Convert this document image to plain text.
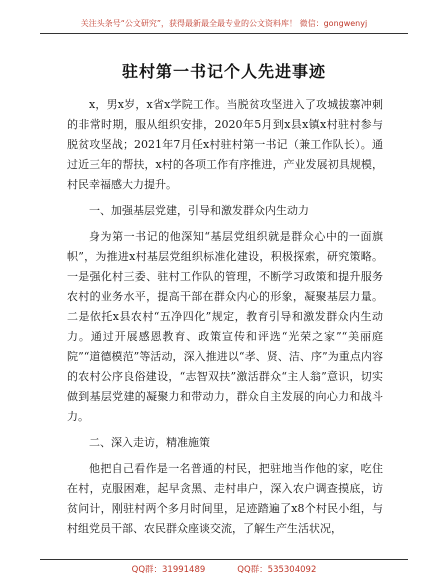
关注头条号“公文研究”，获得最新最全最专业的公文资料库！ 微信：gongwenyj
驻村第一书记个人先进事迹

x，男x岁，x省x学院工作。当脱贫攻坚进入了攻城拔寨冲刺的非常时期，服从组织安排，2020年5月到x县x镇x村驻村参与脱贫攻坚战；2021年7月任x村驻村第一书记（兼工作队长）。通过近三年的帮扶，x村的各项工作有序推进，产业发展初具规模，村民幸福感大力提升。

一、加强基层党建，引导和激发群众内生动力

身为第一书记的他深知“基层党组织就是群众心中的一面旗帜”，为推进x村基层党组织标准化建设，积极探索，研究策略。一是强化村三委、驻村工作队的管理，不断学习政策和提升服务农村的业务水平，提高干部在群众内心的形象，凝聚基层力量。二是依托x县农村“五净四化”规定，教育引导和激发群众内生动力。通过开展感恩教育、政策宣传和评选“光荣之家”“美丽庭院”“道德模范”等活动，深入推进以“孝、贤、洁、序”为重点内容的农村公序良俗建设，“志智双扶”激活群众“主人翁”意识，切实做到基层党建的凝聚力和带动力，群众自主发展的向心力和战斗力。

二、深入走访，精准施策

他把自己看作是一名普通的村民，把驻地当作他的家，吃住在村，克服困难，起早贪黑、走村串户，深入农户调查摸底，访贫问计，刚驻村两个多月时间里，足迹踏遍了x8个村民小组，与村组党员干部、农民群众座谈交流，了解生产生活状况，

QQ群：31991489	QQ群：535304092
